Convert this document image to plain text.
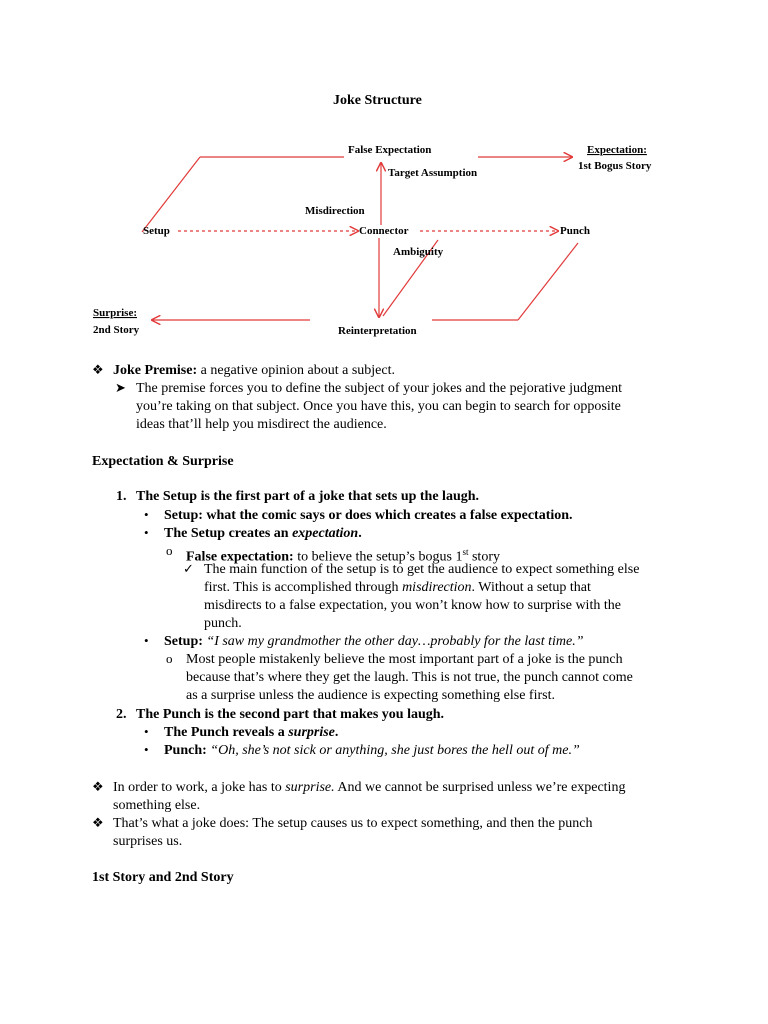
Joke Structure
False Expectation	Expectation:
1st Bogus Story
Target Assumption
Misdirection
Setup	Connector	Punch
Ambiguity
Surprise:
2nd Story	Reinterpretation
❖ Joke Premise: a negative opinion about a subject.
➤ The premise forces you to define the subject of your jokes and the pejorative judgment
you’re taking on that subject. Once you have this, you can begin to search for opposite
ideas that’ll help you misdirect the audience.
Expectation & Surprise
1. The Setup is the first part of a joke that sets up the laugh.
• Setup: what the comic says or does which creates a false expectation.
• The Setup creates an expectation.
o False expectation: to believe the setup’s bogus 1st story
✓ The main function of the setup is to get the audience to expect something else
first. This is accomplished through misdirection. Without a setup that
misdirects to a false expectation, you won’t know how to surprise with the
punch.
• Setup: “I saw my grandmother the other day…probably for the last time.”
o Most people mistakenly believe the most important part of a joke is the punch
because that’s where they get the laugh. This is not true, the punch cannot come
as a surprise unless the audience is expecting something else first.
2. The Punch is the second part that makes you laugh.
• The Punch reveals a surprise.
• Punch: “Oh, she’s not sick or anything, she just bores the hell out of me.”
❖ In order to work, a joke has to surprise. And we cannot be surprised unless we’re expecting
something else.
❖ That’s what a joke does: The setup causes us to expect something, and then the punch
surprises us.
1st Story and 2nd Story
